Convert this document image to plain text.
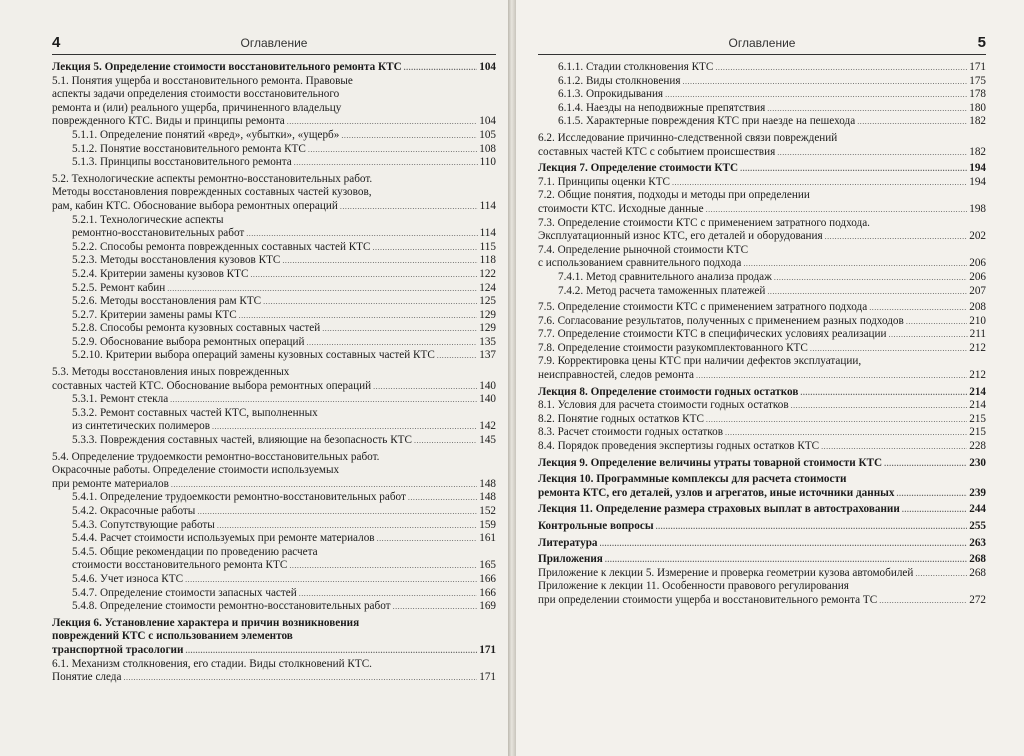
4	Оглавление
Лекция 5. Определение стоимости восстановительного ремонта КТС .....	104
5.1. Понятия ущерба и восстановительного ремонта. Правовые
аспекты задачи определения стоимости восстановительного
ремонта и (или) реального ущерба, причиненного владельцу
поврежденного КТС. Виды и принципы ремонта .....	104
5.1.1. Определение понятий «вред», «убытки», «ущерб» .....	105
5.1.2. Понятие восстановительного ремонта КТС .....	108
5.1.3. Принципы восстановительного ремонта .....	110
5.2. Технологические аспекты ремонтно-восстановительных работ.
Методы восстановления поврежденных составных частей кузовов,
рам, кабин КТС. Обоснование выбора ремонтных операций .....	114
5.2.1. Технологические аспекты
ремонтно-восстановительных работ .....	114
5.2.2. Способы ремонта поврежденных составных частей КТС .....	115
5.2.3. Методы восстановления кузовов КТС .....	118
5.2.4. Критерии замены кузовов КТС .....	122
5.2.5. Ремонт кабин .....	124
5.2.6. Методы восстановления рам КТС .....	125
5.2.7. Критерии замены рамы КТС .....	129
5.2.8. Способы ремонта кузовных составных частей .....	129
5.2.9. Обоснование выбора ремонтных операций .....	135
5.2.10. Критерии выбора операций замены кузовных составных частей КТС .....	137
5.3. Методы восстановления иных поврежденных
составных частей КТС. Обоснование выбора ремонтных операций .....	140
5.3.1. Ремонт стекла .....	140
5.3.2. Ремонт составных частей КТС, выполненных
из синтетических полимеров .....	142
5.3.3. Повреждения составных частей, влияющие на безопасность КТС .....	145
5.4. Определение трудоемкости ремонтно-восстановительных работ.
Окрасочные работы. Определение стоимости используемых
при ремонте материалов .....	148
5.4.1. Определение трудоемкости ремонтно-восстановительных работ .....	148
5.4.2. Окрасочные работы .....	152
5.4.3. Сопутствующие работы .....	159
5.4.4. Расчет стоимости используемых при ремонте материалов .....	161
5.4.5. Общие рекомендации по проведению расчета
стоимости восстановительного ремонта КТС .....	165
5.4.6. Учет износа КТС .....	166
5.4.7. Определение стоимости запасных частей .....	166
5.4.8. Определение стоимости ремонтно-восстановительных работ .....	169
Лекция 6. Установление характера и причин возникновения
повреждений КТС с использованием элементов
транспортной трасологии .....	171
6.1. Механизм столкновения, его стадии. Виды столкновений КТС.
Понятие следа .....	171
5
Оглавление
6.1.1. Стадии столкновения КТС .....	171
6.1.2. Виды столкновения .....	175
6.1.3. Опрокидывания .....	178
6.1.4. Наезды на неподвижные препятствия .....	180
6.1.5. Характерные повреждения КТС при наезде на пешехода .....	182
6.2. Исследование причинно-следственной связи повреждений
составных частей КТС с событием происшествия .....	182
Лекция 7. Определение стоимости КТС .....	194
7.1. Принципы оценки КТС .....	194
7.2. Общие понятия, подходы и методы при определении
стоимости КТС. Исходные данные .....	198
7.3. Определение стоимости КТС с применением затратного подхода.
Эксплуатационный износ КТС, его деталей и оборудования .....	202
7.4. Определение рыночной стоимости КТС
с использованием сравнительного подхода .....	206
7.4.1. Метод сравнительного анализа продаж .....	206
7.4.2. Метод расчета таможенных платежей .....	207
7.5. Определение стоимости КТС с применением затратного подхода .....	208
7.6. Согласование результатов, полученных с применением разных подходов .....	210
7.7. Определение стоимости КТС в специфических условиях реализации .....	211
7.8. Определение стоимости разукомплектованного КТС .....	212
7.9. Корректировка цены КТС при наличии дефектов эксплуатации,
неисправностей, следов ремонта .....	212
Лекция 8. Определение стоимости годных остатков .....	214
8.1. Условия для расчета стоимости годных остатков .....	214
8.2. Понятие годных остатков КТС .....	215
8.3. Расчет стоимости годных остатков .....	215
8.4. Порядок проведения экспертизы годных остатков КТС .....	228
Лекция 9. Определение величины утраты товарной стоимости КТС .....	230
Лекция 10. Программные комплексы для расчета стоимости
ремонта КТС, его деталей, узлов и агрегатов, иные источники данных .....	239
Лекция 11. Определение размера страховых выплат в автостраховании .....	244
Контрольные вопросы .....	255
Литература .....	263
Приложения .....	268
Приложение к лекции 5. Измерение и проверка геометрии кузова автомобилей .....	268
Приложение к лекции 11. Особенности правового регулирования
при определении стоимости ущерба и восстановительного ремонта ТС .....	272
